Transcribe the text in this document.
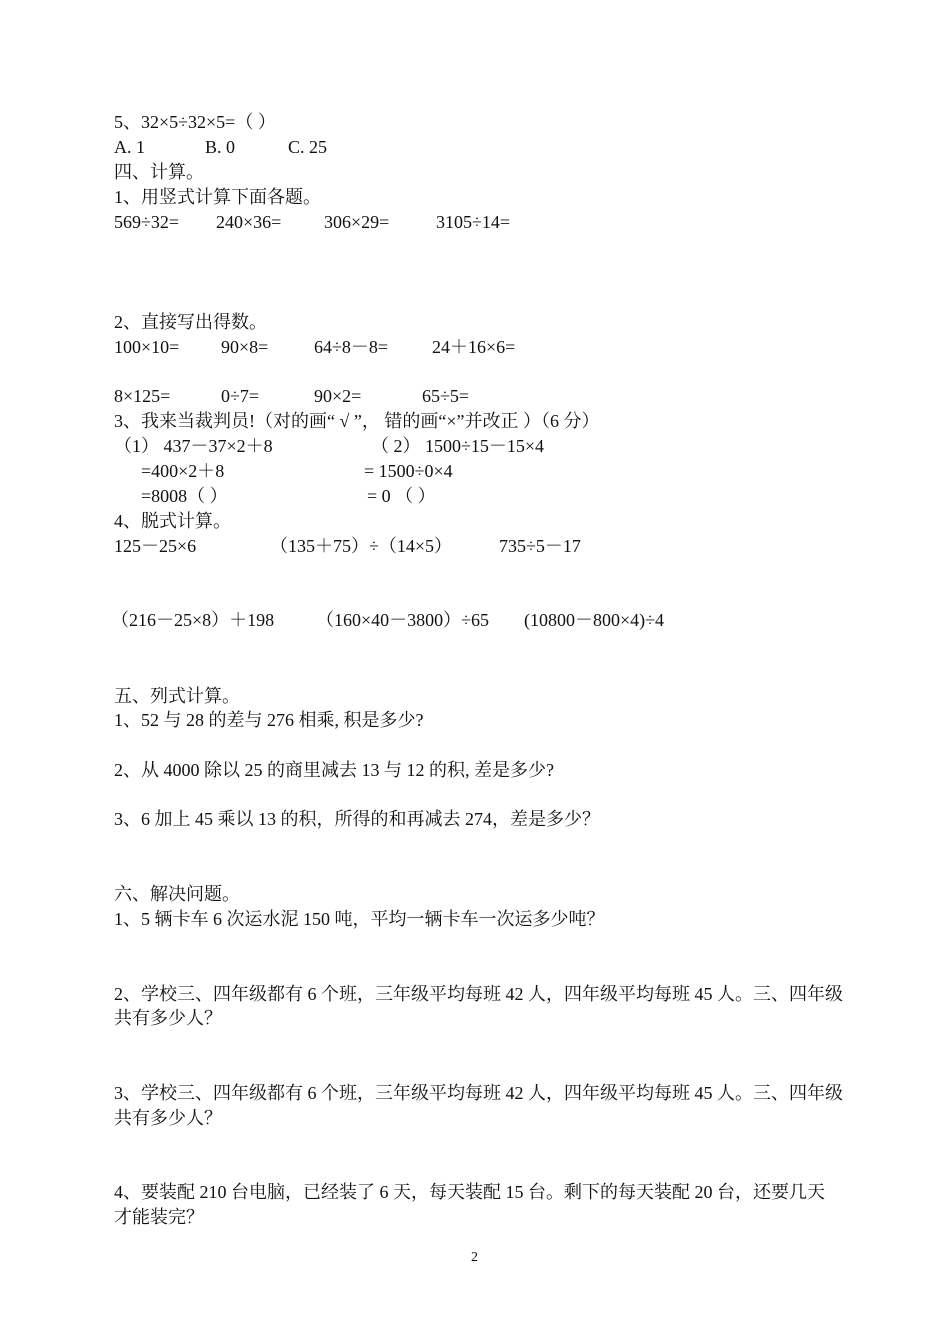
5、32×5÷32×5=（ ）
A. 1	B. 0	C. 25
四、计算。
1、用竖式计算下面各题。
569÷32= 240×36= 306×29=	3105÷14=
2、直接写出得数。
100×10= 90×8=	64÷8－8= 24＋16×6=
8×125=	0÷7=	90×2=	65÷5=
3、我来当裁判员!（对的画“ √ ”， 错的画“×”并改正 ）（6 分）
（1） 437－37×2＋8
=400×2＋8
=8008（ ）
（ 2） 1500÷15－15×4
= 1500÷0×4
= 0 （ ）
4、脱式计算。
125－25×6	（135＋75）÷（14×5）	735÷5－17
（216－25×8）＋198 （160×40－3800）÷65 (10800－800×4)÷4
五、列式计算。
1、52 与 28 的差与 276 相乘, 积是多少?
2、从 4000 除以 25 的商里减去 13 与 12 的积, 差是多少?
3、6 加上 45 乘以 13 的积，所得的和再减去 274，差是多少？
六、解决问题。
1、5 辆卡车 6 次运水泥 150 吨，平均一辆卡车一次运多少吨？
2、学校三、四年级都有 6 个班，三年级平均每班 42 人，四年级平均每班 45 人。三、四年级
共有多少人？
3、学校三、四年级都有 6 个班，三年级平均每班 42 人，四年级平均每班 45 人。三、四年级
共有多少人？
4、要装配 210 台电脑，已经装了 6 天，每天装配 15 台。剩下的每天装配 20 台，还要几天
才能装完？
2
